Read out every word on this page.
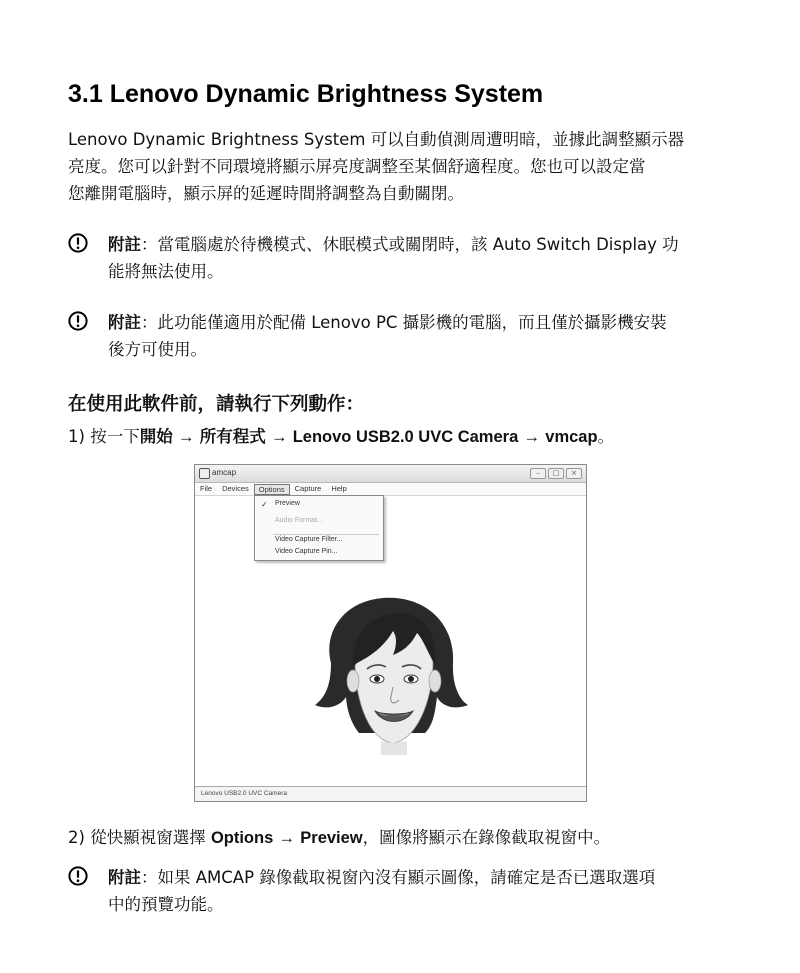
3.1 Lenovo Dynamic Brightness System

Lenovo Dynamic Brightness System 可以自動偵測周遭明暗，並據此調整顯示器
亮度。您可以針對不同環境將顯示屏亮度調整至某個舒適程度。您也可以設定當
您離開電腦時，顯示屏的延遲時間將調整為自動關閉。

附註：當電腦處於待機模式、休眠模式或關閉時，該 Auto Switch Display 功
能將無法使用。
附註：此功能僅適用於配備 Lenovo PC 攝影機的電腦，而且僅於攝影機安裝
後方可使用。
在使用此軟件前，請執行下列動作：

1) 按一下開始 → 所有程式 → Lenovo USB2.0 UVC Camera → vmcap。

amcap	–	□	×
File	Devices	Options	Capture	Help
✓ Preview
Audio Format...
Video Capture Filter...
Video Capture Pin...
Lenovo USB2.0 UVC Camera

2) 從快顯視窗選擇 Options → Preview，圖像將顯示在錄像截取視窗中。

附註：如果 AMCAP 錄像截取視窗內沒有顯示圖像，請確定是否已選取選項
中的預覽功能。
